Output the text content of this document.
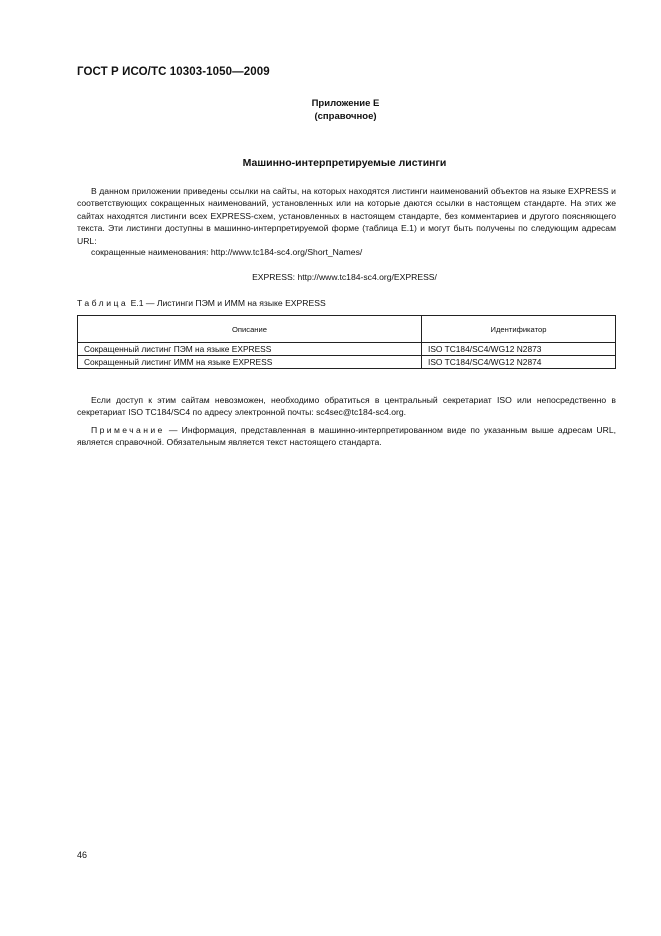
ГОСТ Р ИСО/ТС 10303-1050—2009
Приложение Е
(справочное)
Машинно-интерпретируемые листинги
В данном приложении приведены ссылки на сайты, на которых находятся листинги наименований объектов на языке EXPRESS и соответствующих сокращенных наименований, установленных или на которые даются ссылки в настоящем стандарте. На этих же сайтах находятся листинги всех EXPRESS-схем, установленных в настоящем стандарте, без комментариев и другого поясняющего текста. Эти листинги доступны в машинно-интерпретируемой форме (таблица Е.1) и могут быть получены по следующим адресам URL:
сокращенные наименования: http://www.tc184-sc4.org/Short_Names/
EXPRESS: http://www.tc184-sc4.org/EXPRESS/
Таблица Е.1 — Листинги ПЭМ и ИММ на языке EXPRESS
Описание	Идентификатор
Сокращенный листинг ПЭМ на языке EXPRESS	ISO TC184/SC4/WG12 N2873
Сокращенный листинг ИММ на языке EXPRESS	ISO TC184/SC4/WG12 N2874
Если доступ к этим сайтам невозможен, необходимо обратиться в центральный секретариат ISO или непосредственно в секретариат ISO TC184/SC4 по адресу электронной почты: sc4sec@tc184-sc4.org.
Примечание — Информация, представленная в машинно-интерпретированном виде по указанным выше адресам URL, является справочной. Обязательным является текст настоящего стандарта.
46
